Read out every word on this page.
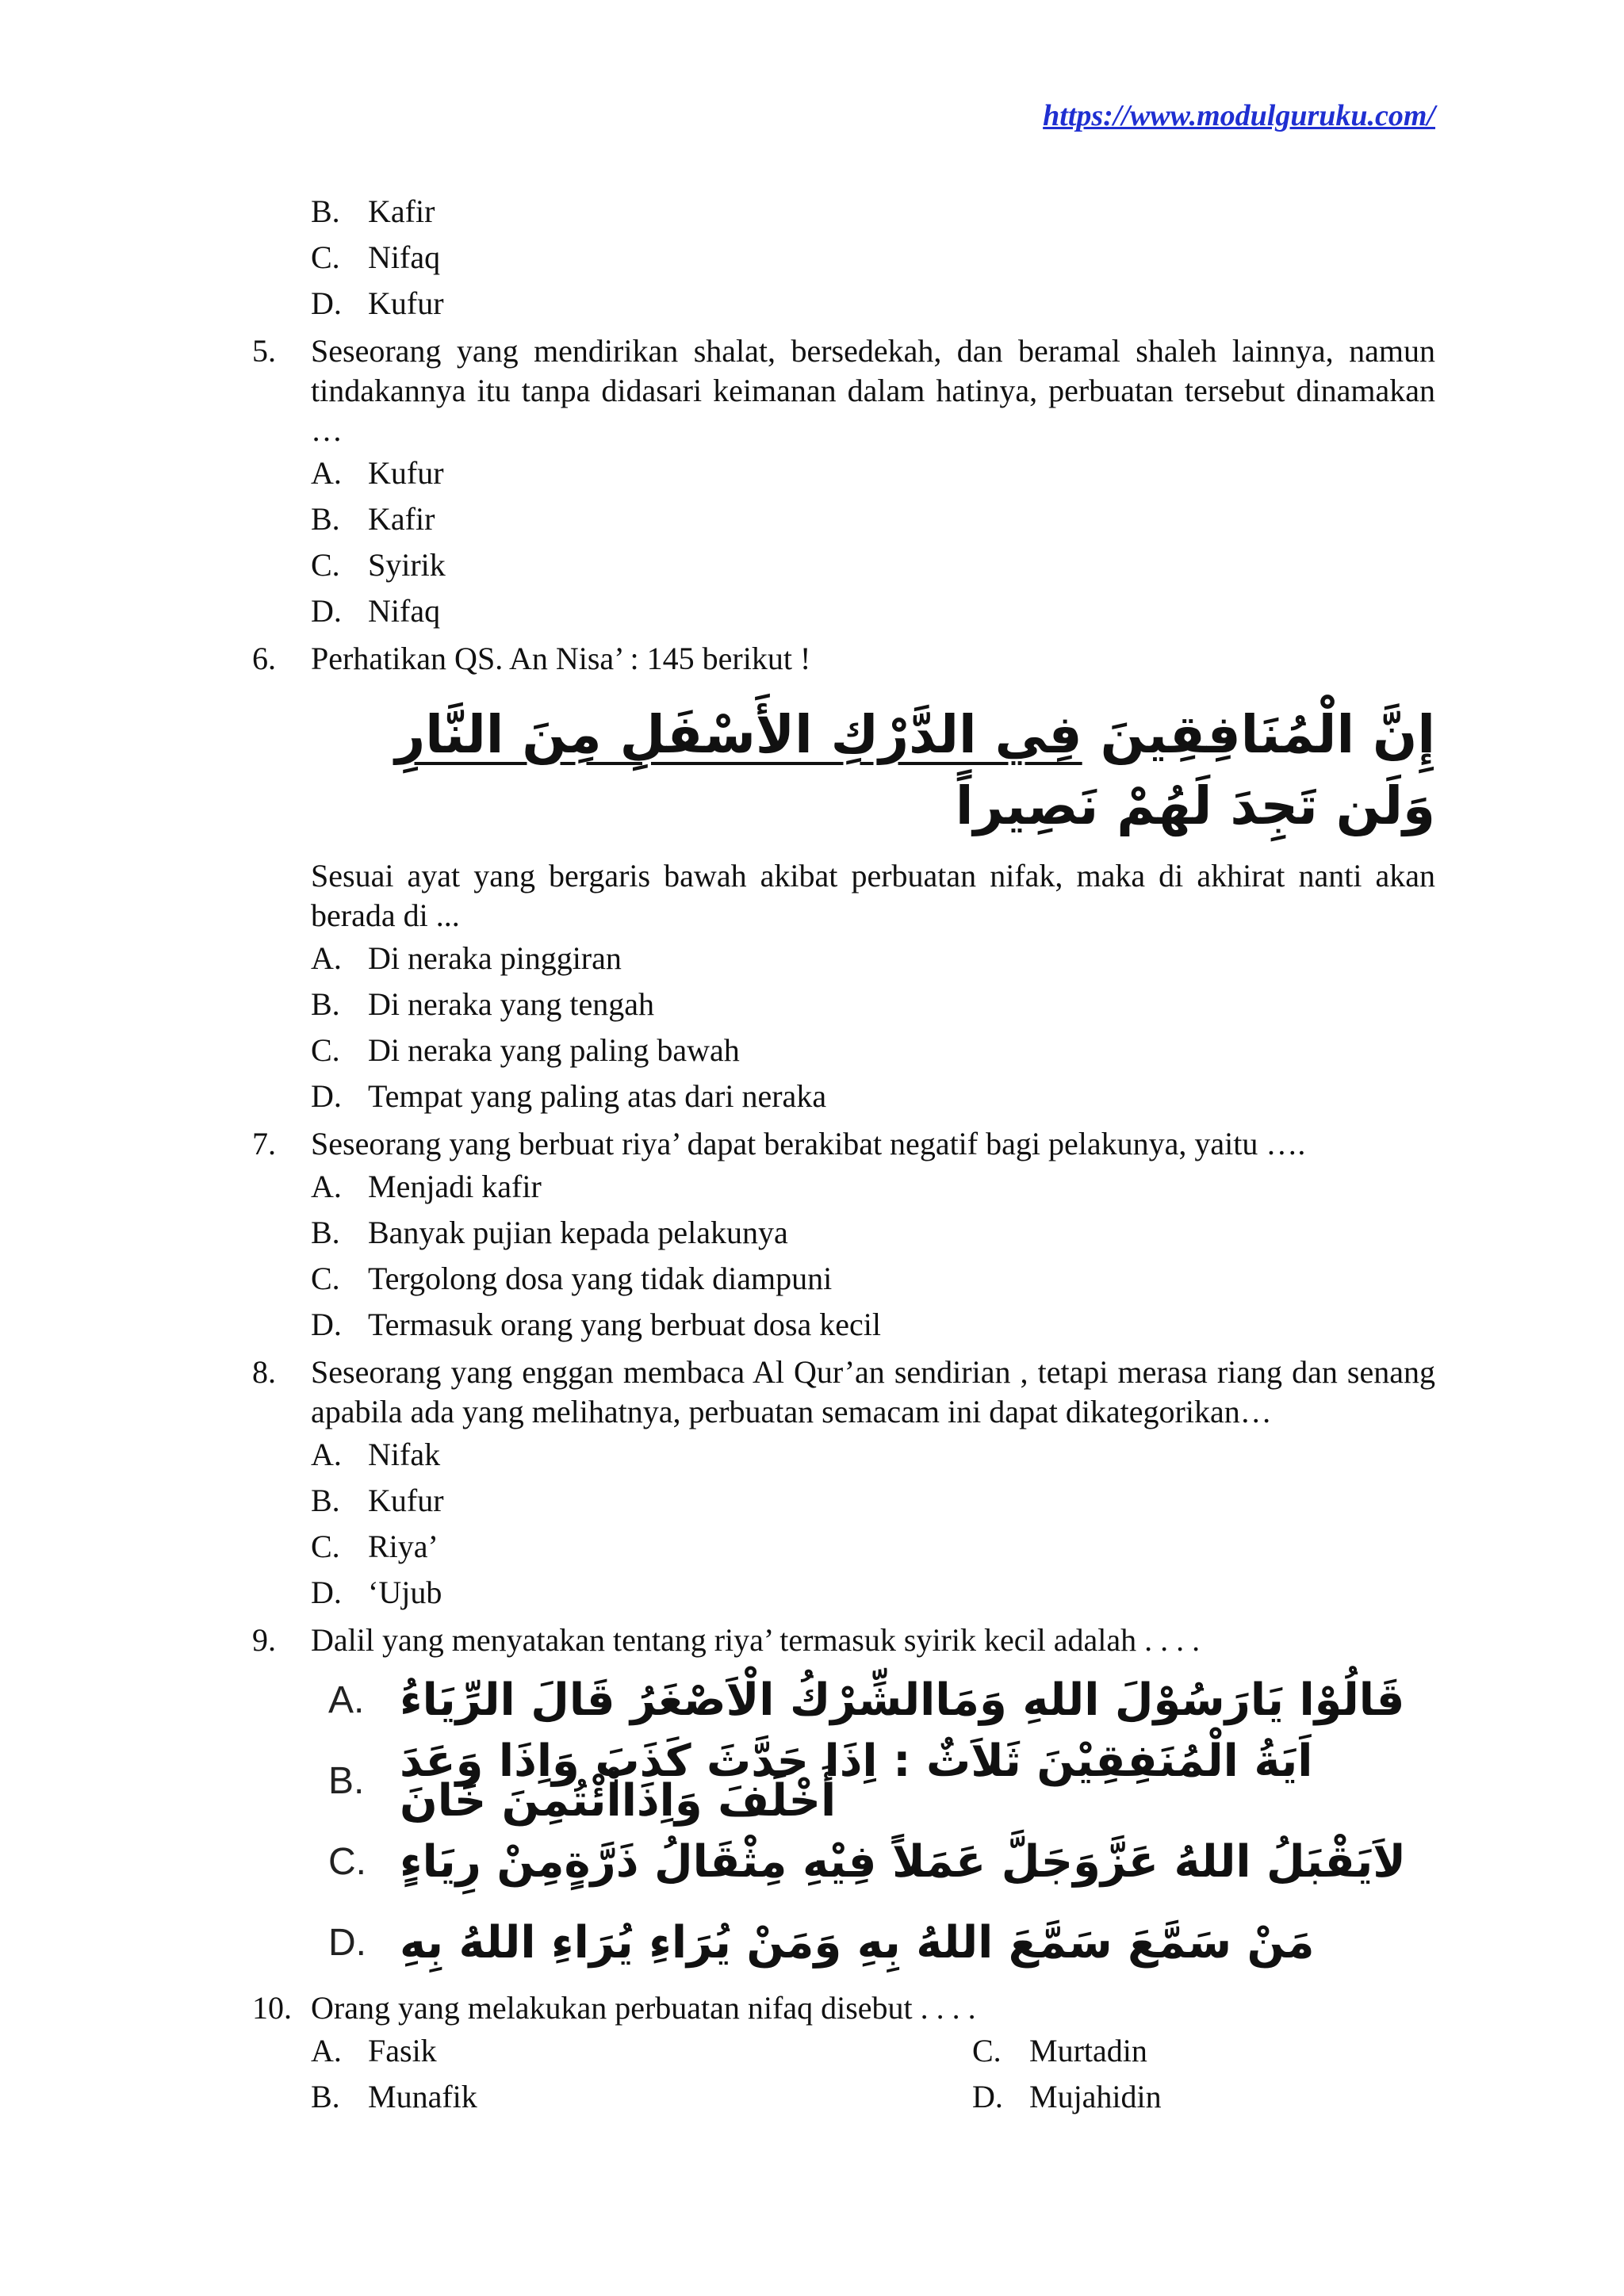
https://www.modulguruku.com/
B. Kafir
C. Nifaq
D. Kufur
5.	Seseorang yang mendirikan shalat, bersedekah, dan beramal shaleh lainnya, namun tindakannya itu tanpa didasari keimanan dalam hatinya, perbuatan tersebut dinamakan …
A. Kufur
B. Kafir
C. Syirik
D. Nifaq
6.	Perhatikan QS. An Nisa’ : 145 berikut !
إِنَّ الْمُنَافِقِينَ فِي الدَّرْكِ الأَسْفَلِ مِنَ النَّارِ وَلَن تَجِدَ لَهُمْ نَصِيراً
Sesuai ayat yang bergaris bawah akibat perbuatan nifak, maka di akhirat nanti akan berada di ...
A. Di neraka pinggiran
B. Di neraka yang tengah
C. Di neraka yang paling bawah
D. Tempat yang paling atas dari neraka
7.	Seseorang yang berbuat riya’ dapat berakibat negatif bagi pelakunya, yaitu ….
A. Menjadi kafir
B. Banyak pujian kepada pelakunya
C. Tergolong dosa yang tidak diampuni
D. Termasuk orang yang berbuat dosa kecil
8.	Seseorang yang enggan membaca Al Qur’an sendirian , tetapi merasa riang dan senang apabila ada yang melihatnya, perbuatan semacam ini dapat dikategorikan…
A. Nifak
B. Kufur
C. Riya’
D. ‘Ujub
9.	Dalil yang menyatakan tentang riya’ termasuk syirik kecil adalah . . . .
A. قَالُوْا يَارَسُوْلَ اللهِ وَمَاالشِّرْكُ الْاَصْغَرُ قَالَ الرِّيَاءُ
B. اَيَةُ الْمُنَفِقِيْنَ ثَلاَثٌ : اِذَا حَدَّثَ كَذَبَ وَاِذَا وَعَدَ أَخْلَفَ وَاِذَااْئْتُمِنَ خَانَ
C. لاَيَقْبَلُ اللهُ عَزَّوَجَلَّ عَمَلاً فِيْهِ مِثْقَالُ ذَرَّةٍمِنْ رِيَاءٍ
D. مَنْ سَمَّعَ سَمَّعَ اللهُ بِهِ وَمَنْ يُرَاءِ يُرَاءِ اللهُ بِهِ
10. Orang yang melakukan perbuatan nifaq disebut . . . .
A. Fasik	C. Murtadin
B. Munafik	D. Mujahidin
